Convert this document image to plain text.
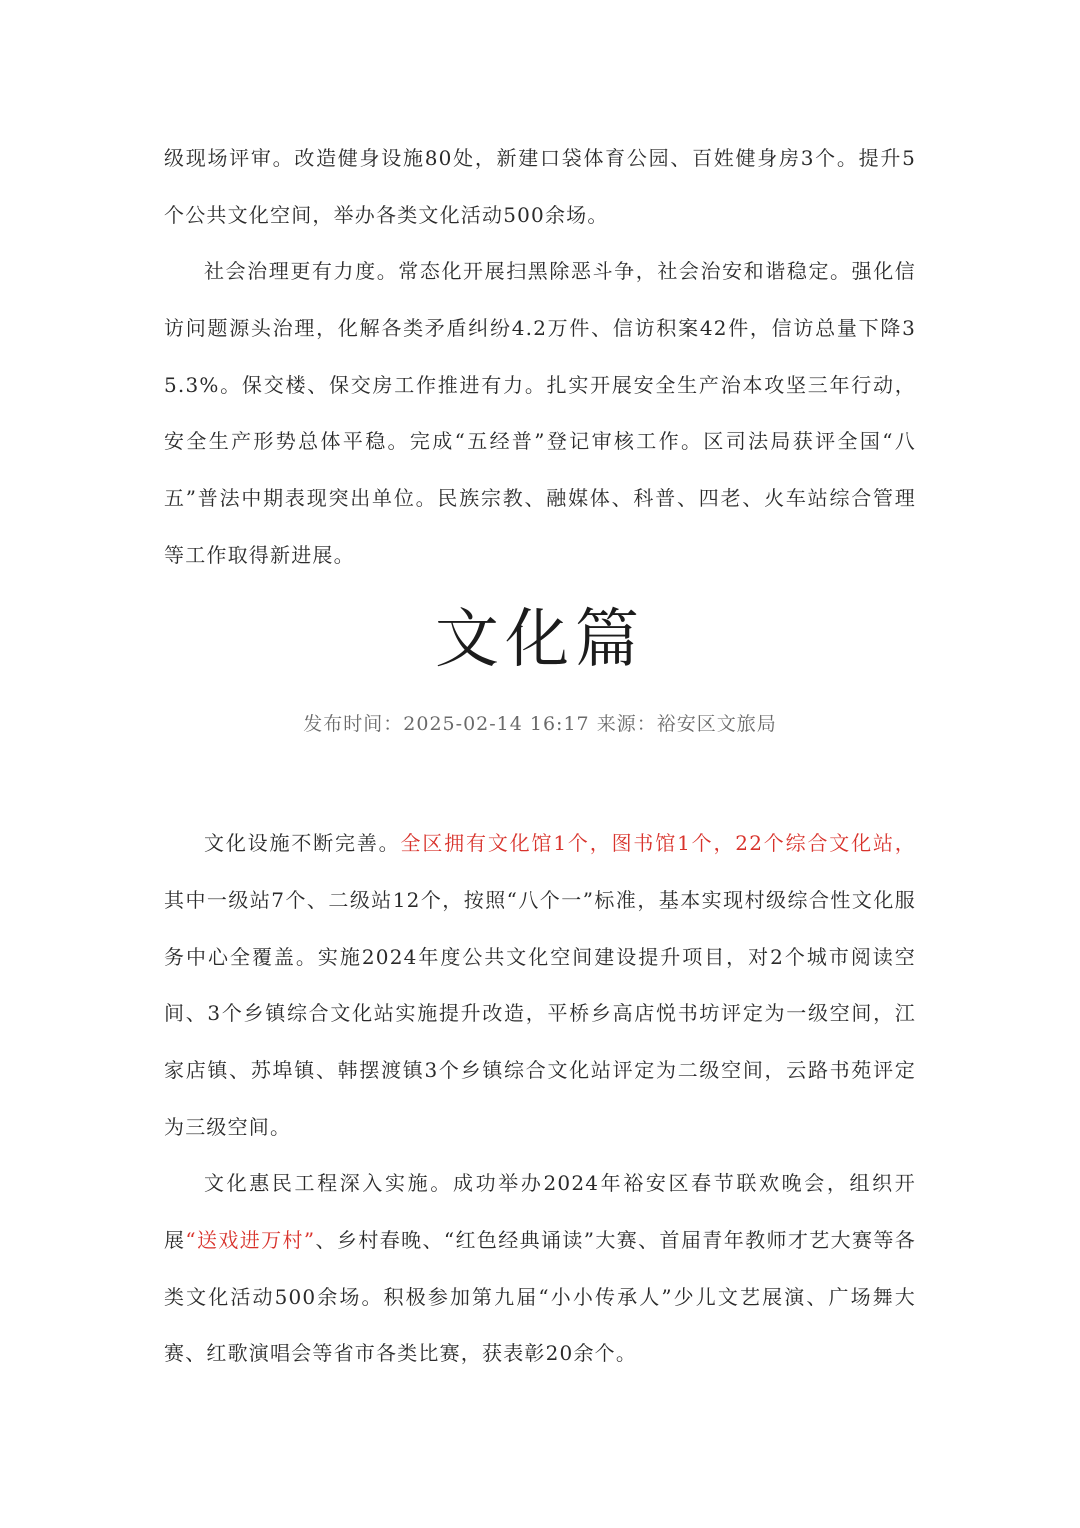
级现场评审。改造健身设施80处，新建口袋体育公园、百姓健身房3个。提升5个公共文化空间，举办各类文化活动500余场。

社会治理更有力度。常态化开展扫黑除恶斗争，社会治安和谐稳定。强化信访问题源头治理，化解各类矛盾纠纷4.2万件、信访积案42件，信访总量下降35.3%。保交楼、保交房工作推进有力。扎实开展安全生产治本攻坚三年行动，安全生产形势总体平稳。完成“五经普”登记审核工作。区司法局获评全国“八五”普法中期表现突出单位。民族宗教、融媒体、科普、四老、火车站综合管理等工作取得新进展。

文化篇
发布时间：2025-02-14 16:17 来源：裕安区文旅局

文化设施不断完善。全区拥有文化馆1个，图书馆1个，22个综合文化站，其中一级站7个、二级站12个，按照“八个一”标准，基本实现村级综合性文化服务中心全覆盖。实施2024年度公共文化空间建设提升项目，对2个城市阅读空间、3个乡镇综合文化站实施提升改造，平桥乡高店悦书坊评定为一级空间，江家店镇、苏埠镇、韩摆渡镇3个乡镇综合文化站评定为二级空间，云路书苑评定为三级空间。

文化惠民工程深入实施。成功举办2024年裕安区春节联欢晚会，组织开展“送戏进万村”、乡村春晚、“红色经典诵读”大赛、首届青年教师才艺大赛等各类文化活动500余场。积极参加第九届“小小传承人”少儿文艺展演、广场舞大赛、红歌演唱会等省市各类比赛，获表彰20余个。
